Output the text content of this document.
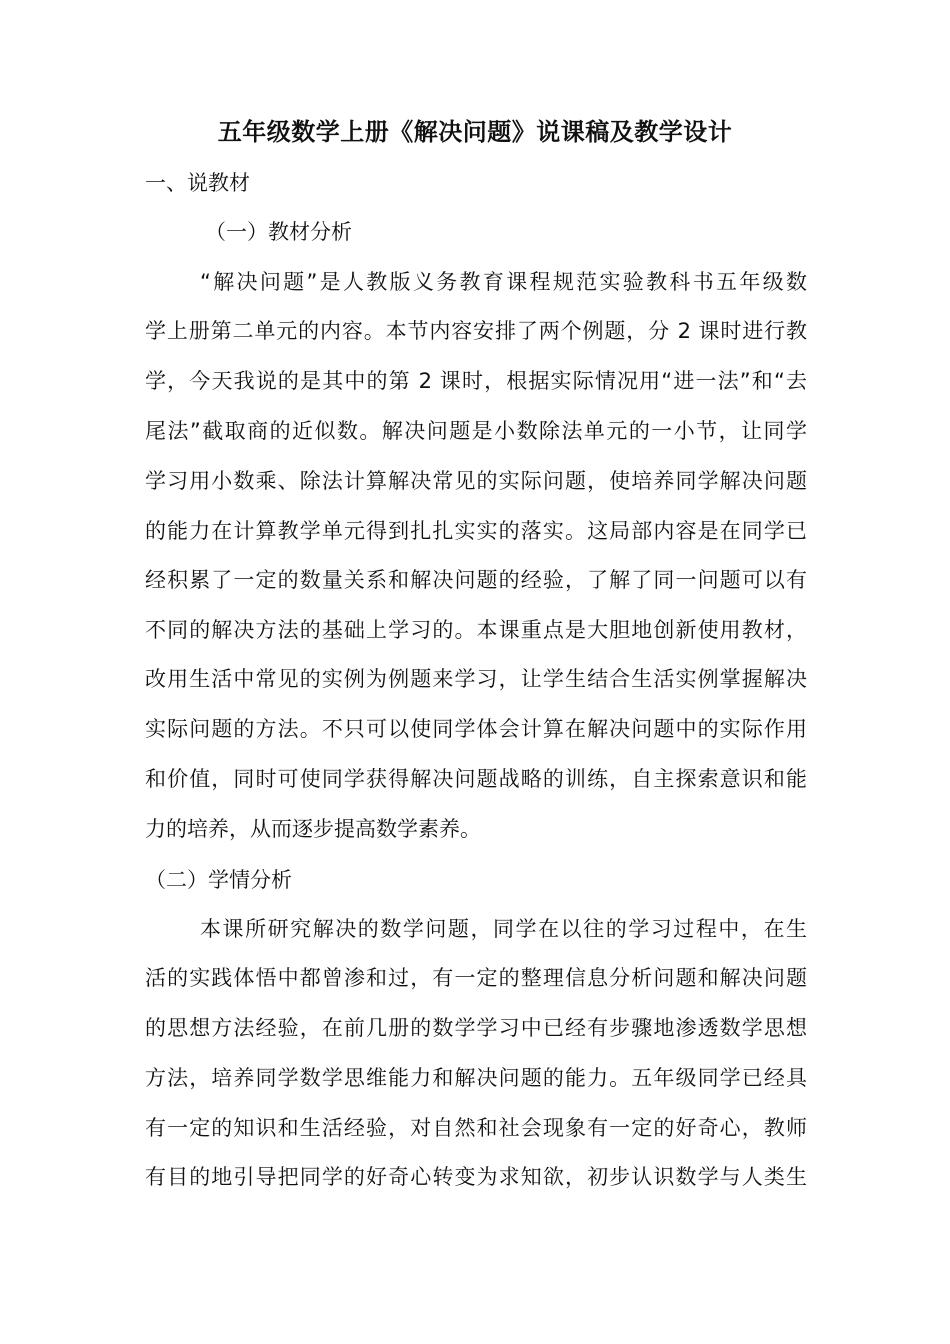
五年级数学上册《解决问题》说课稿及教学设计
一、说教材
（一）教材分析
“解决问题”是人教版义务教育课程规范实验教科书五年级数
学上册第二单元的内容。本节内容安排了两个例题，分 2 课时进行教
学，今天我说的是其中的第 2 课时，根据实际情况用“进一法”和“去
尾法”截取商的近似数。解决问题是小数除法单元的一小节，让同学
学习用小数乘、除法计算解决常见的实际问题，使培养同学解决问题
的能力在计算教学单元得到扎扎实实的落实。这局部内容是在同学已
经积累了一定的数量关系和解决问题的经验，了解了同一问题可以有
不同的解决方法的基础上学习的。本课重点是大胆地创新使用教材，
改用生活中常见的实例为例题来学习，让学生结合生活实例掌握解决
实际问题的方法。不只可以使同学体会计算在解决问题中的实际作用
和价值，同时可使同学获得解决问题战略的训练，自主探索意识和能
力的培养，从而逐步提高数学素养。
（二）学情分析
本课所研究解决的数学问题，同学在以往的学习过程中，在生
活的实践体悟中都曾渗和过，有一定的整理信息分析问题和解决问题
的思想方法经验，在前几册的数学学习中已经有步骤地渗透数学思想
方法，培养同学数学思维能力和解决问题的能力。五年级同学已经具
有一定的知识和生活经验，对自然和社会现象有一定的好奇心，教师
有目的地引导把同学的好奇心转变为求知欲，初步认识数学与人类生
